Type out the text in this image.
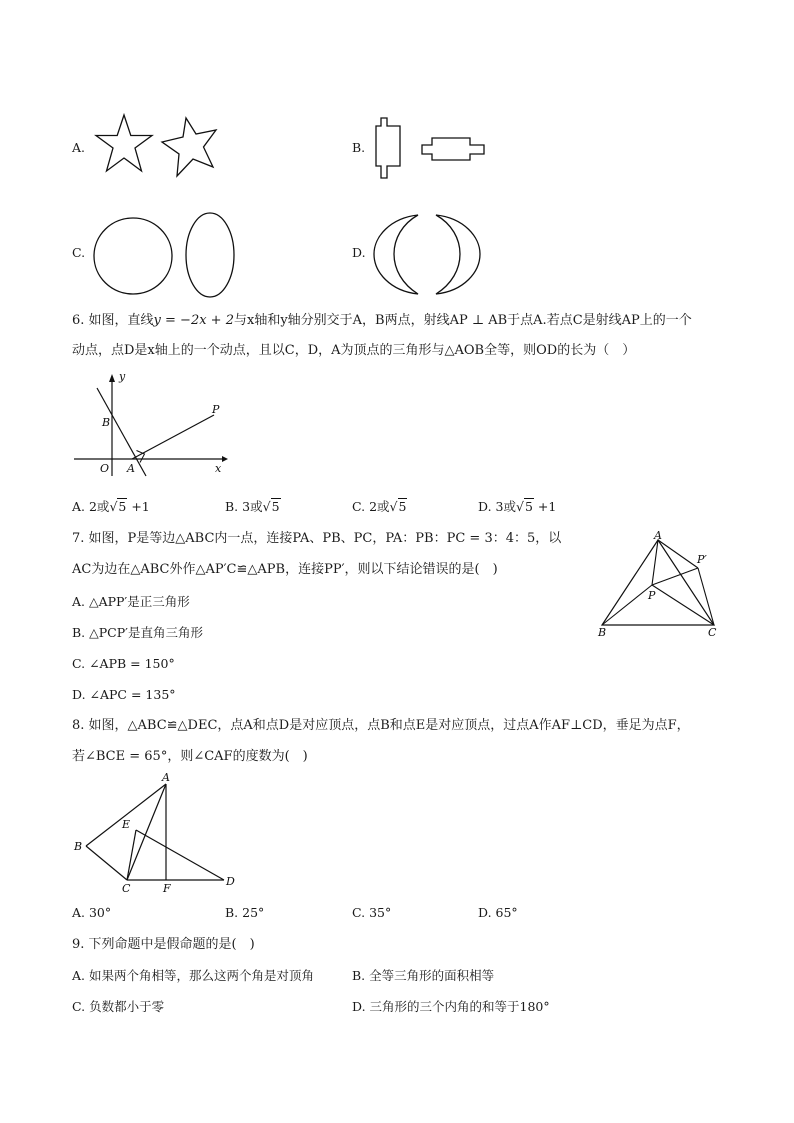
A.	B.
C.	D.
6. 如图，直线y = −2x + 2与x轴和y轴分别交于A，B两点，射线AP ⊥ AB于点A.若点C是射线AP上的一个
动点，点D是x轴上的一个动点，且以C，D，A为顶点的三角形与△AOB全等，则OD的长为（　）
y
x
B
O A
P
A. 2或√5 +1	B. 3或√5	C. 2或√5	D. 3或√5 +1
7. 如图，P是等边△ABC内一点，连接PA、PB、PC，PA：PB：PC = 3：4：5，以
AC为边在△ABC外作△AP′C≌△APB，连接PP′，则以下结论错误的是(　)
A. △APP′是正三角形
B. △PCP′是直角三角形
C. ∠APB = 150°
D. ∠APC = 135°
A
P′
P
B	C
8. 如图，△ABC≌△DEC，点A和点D是对应顶点，点B和点E是对应顶点，过点A作AF⊥CD，垂足为点F，
若∠BCE = 65°，则∠CAF的度数为(　)
A
E
B
C	F
D
A. 30°	B. 25°	C. 35°	D. 65°
9. 下列命题中是假命题的是(　)
A. 如果两个角相等，那么这两个角是对顶角	B. 全等三角形的面积相等
C. 负数都小于零	D. 三角形的三个内角的和等于180°
